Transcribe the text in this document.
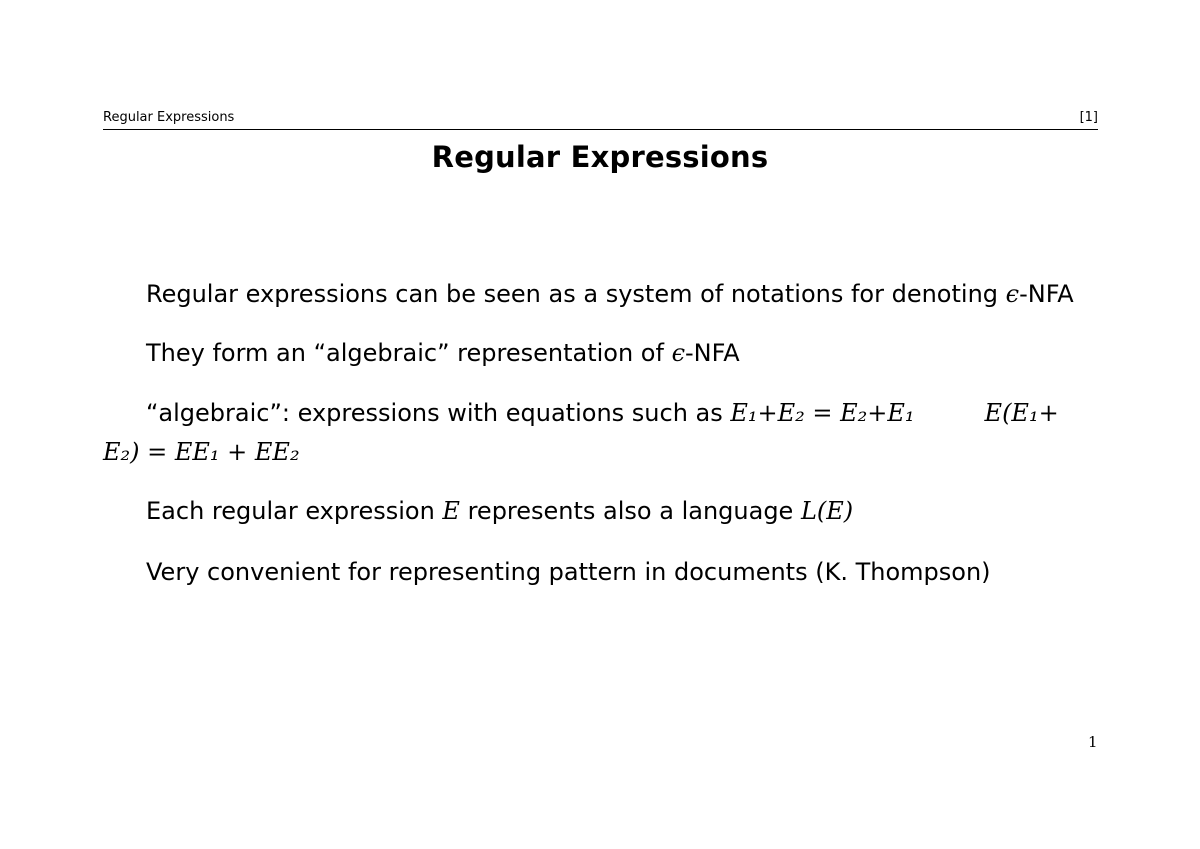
Regular Expressions	[1]
Regular Expressions
Regular expressions can be seen as a system of notations for denoting ϵ-NFA
They form an “algebraic” representation of ϵ-NFA
“algebraic”: expressions with equations such as E₁+E₂ = E₂+E₁	E(E₁+
E₂) = EE₁ + EE₂
Each regular expression E represents also a language L(E)
Very convenient for representing pattern in documents (K. Thompson)
1
